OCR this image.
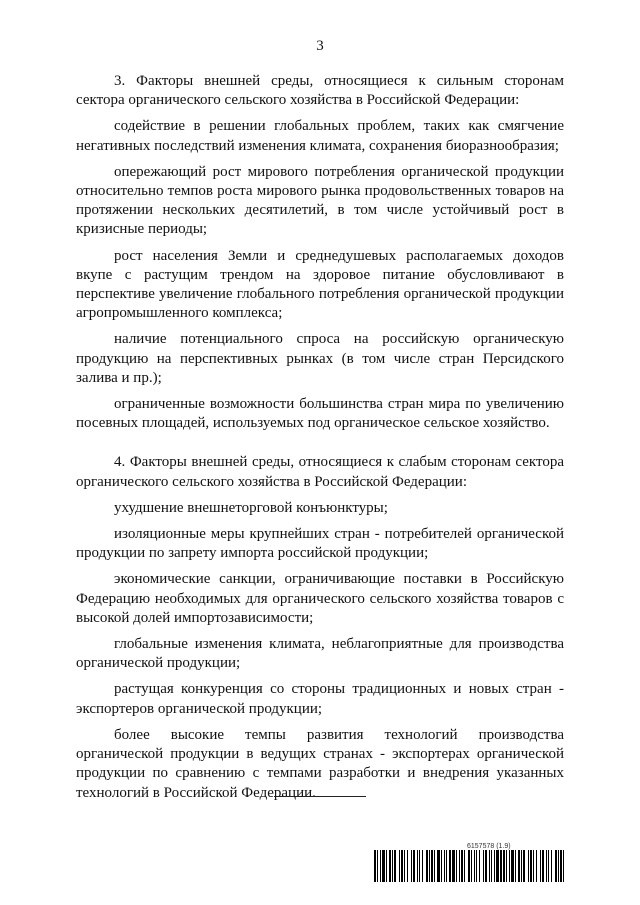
3

3. Факторы внешней среды, относящиеся к сильным сторонам сектора органического сельского хозяйства в Российской Федерации:

содействие в решении глобальных проблем, таких как смягчение негативных последствий изменения климата, сохранения биоразнообразия;

опережающий рост мирового потребления органической продукции относительно темпов роста мирового рынка продовольственных товаров на протяжении нескольких десятилетий, в том числе устойчивый рост в кризисные периоды;

рост населения Земли и среднедушевых располагаемых доходов вкупе с растущим трендом на здоровое питание обусловливают в перспективе увеличение глобального потребления органической продукции агропромышленного комплекса;

наличие потенциального спроса на российскую органическую продукцию на перспективных рынках (в том числе стран Персидского залива и пр.);

ограниченные возможности большинства стран мира по увеличению посевных площадей, используемых под органическое сельское хозяйство.

4. Факторы внешней среды, относящиеся к слабым сторонам сектора органического сельского хозяйства в Российской Федерации:

ухудшение внешнеторговой конъюнктуры;

изоляционные меры крупнейших стран - потребителей органической продукции по запрету импорта российской продукции;

экономические санкции, ограничивающие поставки в Российскую Федерацию необходимых для органического сельского хозяйства товаров с высокой долей импортозависимости;

глобальные изменения климата, неблагоприятные для производства органической продукции;

растущая конкуренция со стороны традиционных и новых стран - экспортеров органической продукции;

более высокие темпы развития технологий производства органической продукции в ведущих странах - экспортерах органической продукции по сравнению с темпами разработки и внедрения указанных технологий в Российской Федерации.

6157578 (1.9)
